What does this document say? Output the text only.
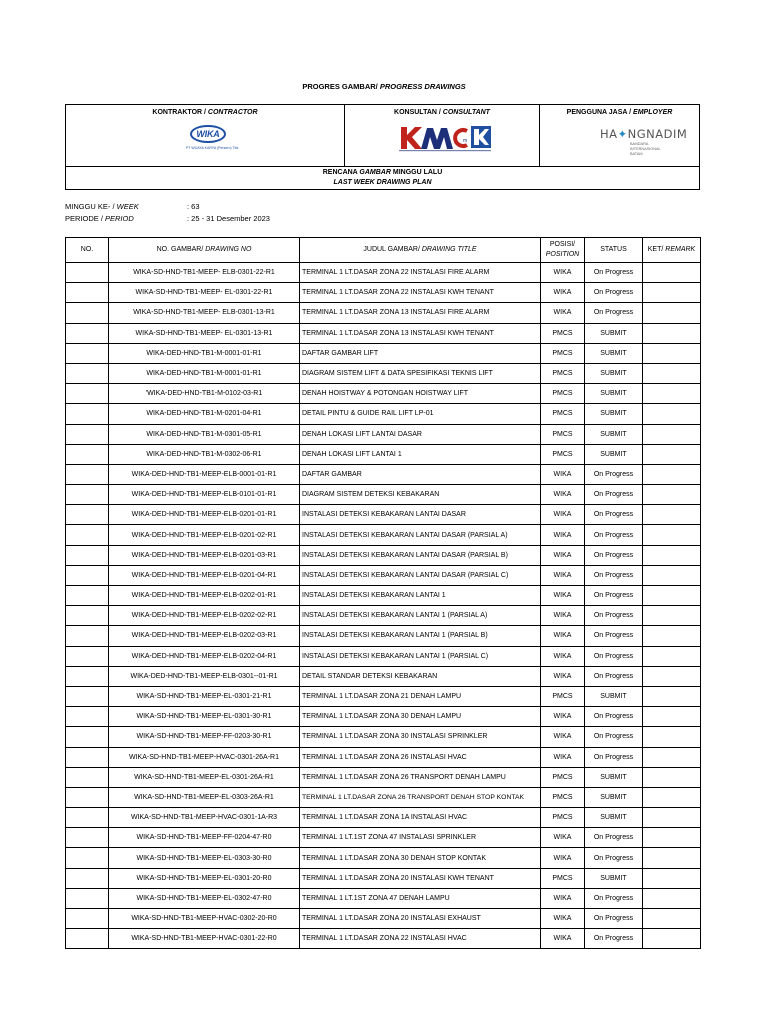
PROGRES GAMBAR/ PROGRESS DRAWINGS
KONTRAKTOR / CONTRACTOR
WIKA
PT WIJAYA KARYA (Persero) Tbk
KONSULTAN / CONSULTANT
m
PENGGUNA JASA / EMPLOYER
HA✦NGNADIM
BANDARA
INTERNASIONAL
BATAM
RENCANA GAMBAR MINGGU LALU
LAST WEEK DRAWING PLAN
MINGGU KE- / WEEK	: 63
PERIODE / PERIOD	: 25 - 31 Desember 2023
NO.	NO. GAMBAR/ DRAWING NO	JUDUL GAMBAR/ DRAWING TITLE	POSISI/
POSITION	STATUS	KET/ REMARK
	WIKA-SD-HND-TB1-MEEP- ELB-0301-22-R1	TERMINAL 1 LT.DASAR ZONA 22 INSTALASI FIRE ALARM	WIKA	On Progress	
	WIKA-SD-HND-TB1-MEEP- EL-0301-22-R1	TERMINAL 1 LT.DASAR ZONA 22 INSTALASI KWH TENANT	WIKA	On Progress	
	WIKA-SD-HND-TB1-MEEP- ELB-0301-13-R1	TERMINAL 1 LT.DASAR ZONA 13 INSTALASI FIRE ALARM	WIKA	On Progress	
	WIKA-SD-HND-TB1-MEEP- EL-0301-13-R1	TERMINAL 1 LT.DASAR ZONA 13 INSTALASI KWH TENANT	PMCS	SUBMIT	
	WIKA-DED-HND-TB1-M-0001-01-R1	DAFTAR GAMBAR LIFT	PMCS	SUBMIT	
	WIKA-DED-HND-TB1-M-0001-01-R1	DIAGRAM SISTEM LIFT & DATA SPESIFIKASI TEKNIS LIFT	PMCS	SUBMIT	
	'WIKA-DED-HND-TB1-M-0102-03-R1	DENAH HOISTWAY & POTONGAN HOISTWAY LIFT	PMCS	SUBMIT	
	WIKA-DED-HND-TB1-M-0201-04-R1	DETAIL PINTU & GUIDE RAIL LIFT LP-01	PMCS	SUBMIT	
	WIKA-DED-HND-TB1-M-0301-05-R1	DENAH LOKASI LIFT LANTAI DASAR	PMCS	SUBMIT	
	WIKA-DED-HND-TB1-M-0302-06-R1	DENAH LOKASI LIFT LANTAI 1	PMCS	SUBMIT	
	WIKA-DED-HND-TB1-MEEP-ELB-0001-01-R1	DAFTAR GAMBAR	WIKA	On Progress	
	WIKA-DED-HND-TB1-MEEP-ELB-0101-01-R1	DIAGRAM SISTEM DETEKSI KEBAKARAN	WIKA	On Progress	
	WIKA-DED-HND-TB1-MEEP-ELB-0201-01-R1	INSTALASI DETEKSI KEBAKARAN LANTAI DASAR	WIKA	On Progress	
	WIKA-DED-HND-TB1-MEEP-ELB-0201-02-R1	INSTALASI DETEKSI KEBAKARAN LANTAI DASAR (PARSIAL A)	WIKA	On Progress	
	WIKA-DED-HND-TB1-MEEP-ELB-0201-03-R1	INSTALASI DETEKSI KEBAKARAN LANTAI DASAR (PARSIAL B)	WIKA	On Progress	
	WIKA-DED-HND-TB1-MEEP-ELB-0201-04-R1	INSTALASI DETEKSI KEBAKARAN LANTAI DASAR (PARSIAL C)	WIKA	On Progress	
	WIKA-DED-HND-TB1-MEEP-ELB-0202-01-R1	INSTALASI DETEKSI KEBAKARAN LANTAI 1	WIKA	On Progress	
	WIKA-DED-HND-TB1-MEEP-ELB-0202-02-R1	INSTALASI DETEKSI KEBAKARAN LANTAI 1 (PARSIAL A)	WIKA	On Progress	
	WIKA-DED-HND-TB1-MEEP-ELB-0202-03-R1	INSTALASI DETEKSI KEBAKARAN LANTAI 1 (PARSIAL B)	WIKA	On Progress	
	WIKA-DED-HND-TB1-MEEP-ELB-0202-04-R1	INSTALASI DETEKSI KEBAKARAN LANTAI 1 (PARSIAL C)	WIKA	On Progress	
	WIKA-DED-HND-TB1-MEEP-ELB-0301--01-R1	DETAIL STANDAR DETEKSI KEBAKARAN	WIKA	On Progress	
	WIKA-SD-HND-TB1-MEEP-EL-0301-21-R1	TERMINAL 1 LT.DASAR ZONA 21 DENAH LAMPU	PMCS	SUBMIT	
	WIKA-SD-HND-TB1-MEEP-EL-0301-30-R1	TERMINAL 1 LT.DASAR ZONA 30 DENAH LAMPU	WIKA	On Progress	
	WIKA-SD-HND-TB1-MEEP-FF-0203-30-R1	TERMINAL 1 LT.DASAR ZONA 30 INSTALASI SPRINKLER	WIKA	On Progress	
	WIKA-SD-HND-TB1-MEEP-HVAC-0301-26A-R1	TERMINAL 1 LT.DASAR ZONA 26 INSTALASI HVAC	WIKA	On Progress	
	WIKA-SD-HND-TB1-MEEP-EL-0301-26A-R1	TERMINAL 1 LT.DASAR ZONA 26 TRANSPORT DENAH LAMPU	PMCS	SUBMIT	
	WIKA-SD-HND-TB1-MEEP-EL-0303-26A-R1	TERMINAL 1 LT.DASAR ZONA 26 TRANSPORT DENAH STOP KONTAK	PMCS	SUBMIT	
	WIKA-SD-HND-TB1-MEEP-HVAC-0301-1A-R3	TERMINAL 1 LT.DASAR ZONA 1A INSTALASI HVAC	PMCS	SUBMIT	
	WIKA-SD-HND-TB1-MEEP-FF-0204-47-R0	TERMINAL 1 LT.1ST ZONA 47 INSTALASI SPRINKLER	WIKA	On Progress	
	WIKA-SD-HND-TB1-MEEP-EL-0303-30-R0	TERMINAL 1 LT.DASAR ZONA 30 DENAH STOP KONTAK	WIKA	On Progress	
	WIKA-SD-HND-TB1-MEEP-EL-0301-20-R0	TERMINAL 1 LT.DASAR ZONA 20 INSTALASI KWH TENANT	PMCS	SUBMIT	
	WIKA-SD-HND-TB1-MEEP-EL-0302-47-R0	TERMINAL 1 LT.1ST ZONA 47 DENAH LAMPU	WIKA	On Progress	
	WIKA-SD-HND-TB1-MEEP-HVAC-0302-20-R0	TERMINAL 1 LT.DASAR ZONA 20 INSTALASI EXHAUST	WIKA	On Progress	
	WIKA-SD-HND-TB1-MEEP-HVAC-0301-22-R0	TERMINAL 1 LT.DASAR ZONA 22 INSTALASI HVAC	WIKA	On Progress	
